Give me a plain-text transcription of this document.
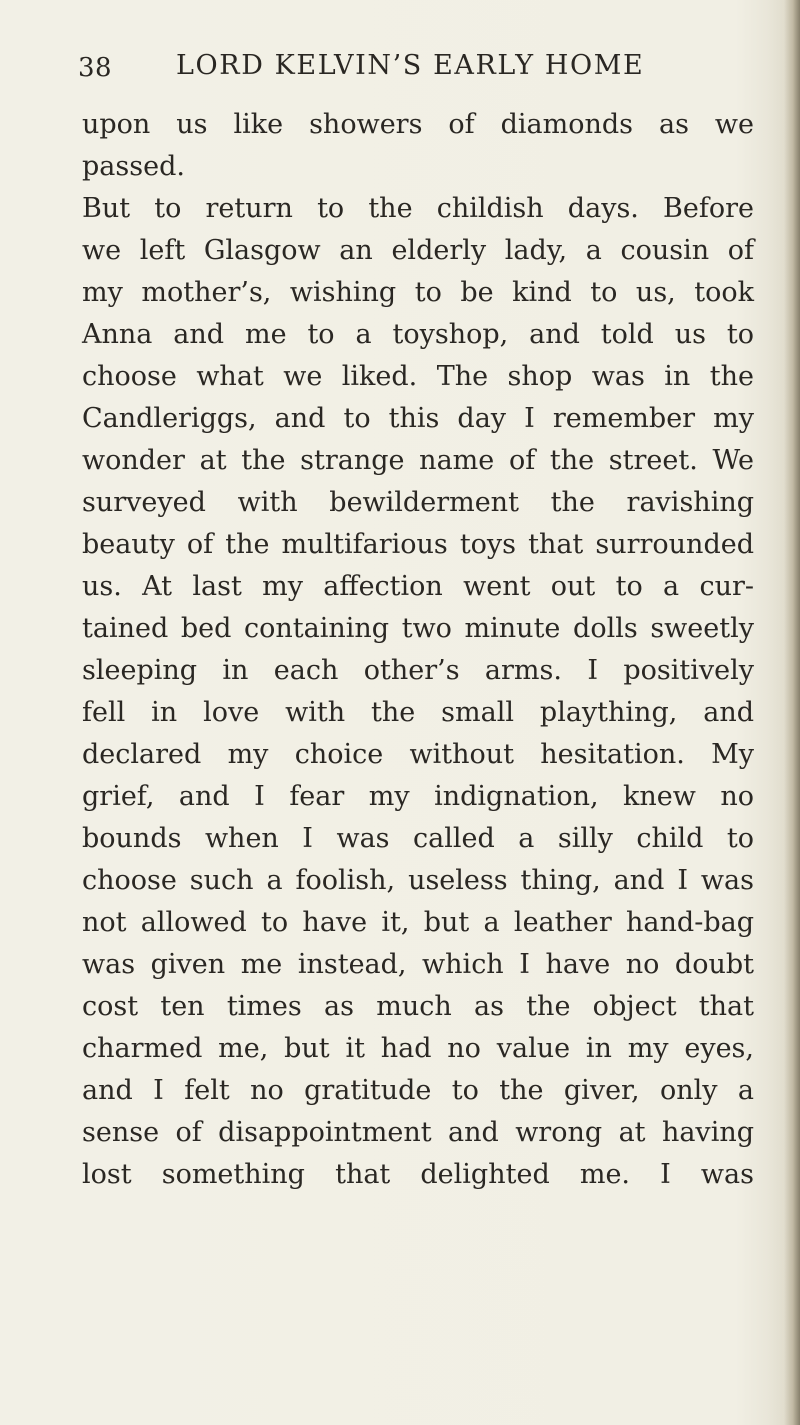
38 LORD KELVIN’S EARLY HOME
upon us like showers of diamonds as we
passed.
But to return to the childish days. Before
we left Glasgow an elderly lady, a cousin of
my mother’s, wishing to be kind to us, took
Anna and me to a toyshop, and told us to
choose what we liked. The shop was in the
Candleriggs, and to this day I remember my
wonder at the strange name of the street. We
surveyed with bewilderment the ravishing
beauty of the multifarious toys that surrounded
us. At last my affection went out to a cur-
tained bed containing two minute dolls sweetly
sleeping in each other’s arms. I positively
fell in love with the small plaything, and
declared my choice without hesitation. My
grief, and I fear my indignation, knew no
bounds when I was called a silly child to
choose such a foolish, useless thing, and I was
not allowed to have it, but a leather hand-bag
was given me instead, which I have no doubt
cost ten times as much as the object that
charmed me, but it had no value in my eyes,
and I felt no gratitude to the giver, only a
sense of disappointment and wrong at having
lost something that delighted me. I was
